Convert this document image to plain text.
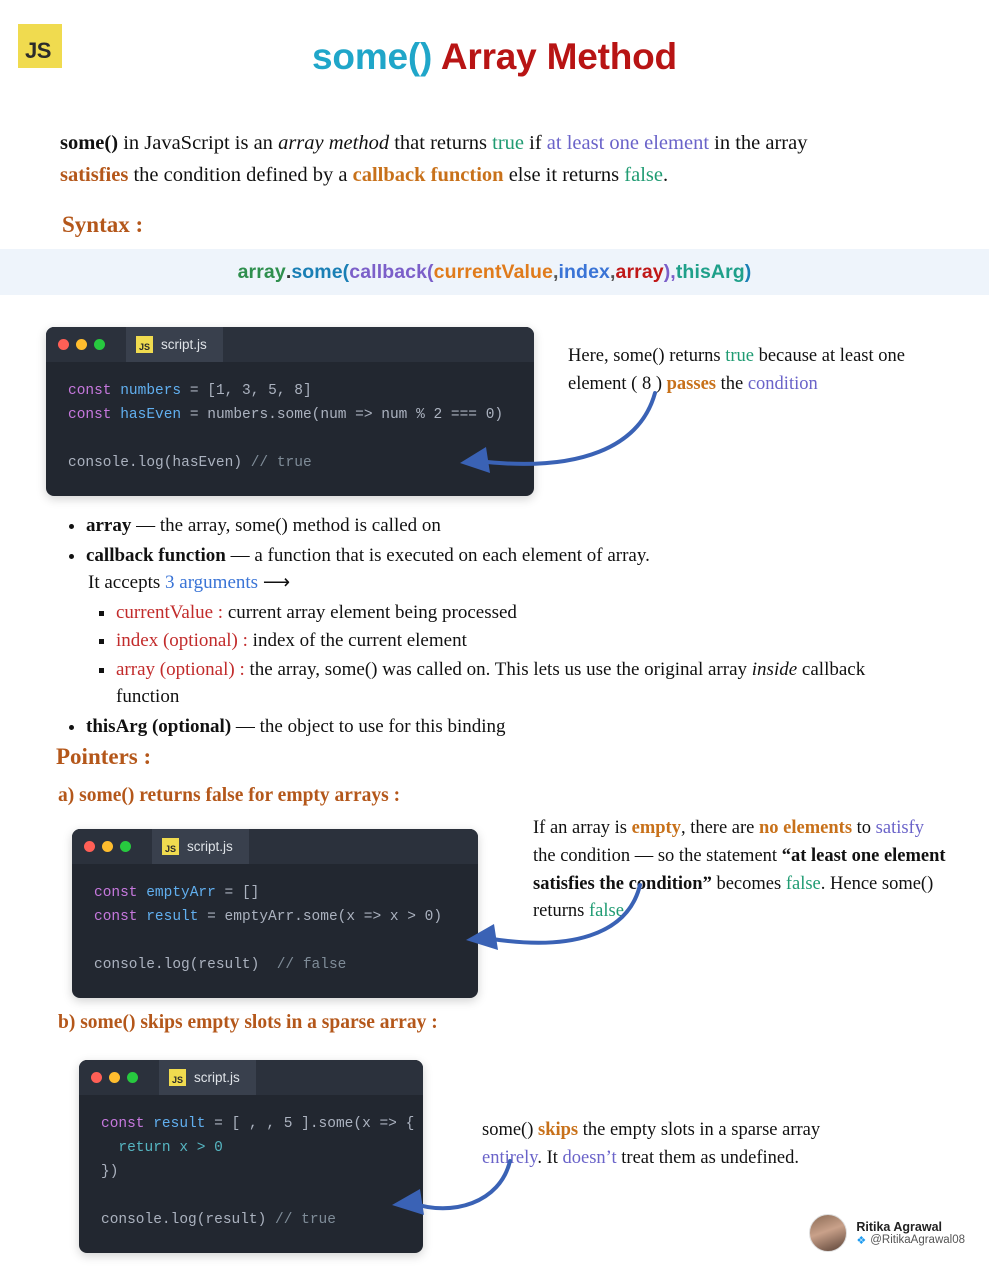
JS	some() Array Method
some() in JavaScript is an array method that returns true if at least one element in the array
satisfies the condition defined by a callback function else it returns false.
Syntax :
array . some( callback( currentValue , index , array ), thisArg )
JS script.js
const numbers = [1, 3, 5, 8]
const hasEven = numbers.some(num => num % 2 === 0)

console.log(hasEven) // true
Here, some() returns true because at least one element ( 8 ) passes the condition
• array — the array, some() method is called on
• callback function — a function that is executed on each element of array.
It accepts 3 arguments ⟶
▪ currentValue : current array element being processed
▪ index (optional) : index of the current element
▪ array (optional) : the array, some() was called on. This lets us use the original array inside callback
function
• thisArg (optional) — the object to use for this binding
Pointers :
a) some() returns false for empty arrays :
JS script.js
const emptyArr = []
const result = emptyArr.some(x => x > 0)

console.log(result)  // false
If an array is empty, there are no elements to satisfy the condition — so the statement “at least one element satisfies the condition” becomes false. Hence some() returns false
b) some() skips empty slots in a sparse array :
JS script.js
const result = [ , , 5 ].some(x => {
return x > 0
})

console.log(result) // true
some() skips the empty slots in a sparse array entirely. It doesn’t treat them as undefined.
Ritika Agrawal
❖ @RitikaAgrawal08
